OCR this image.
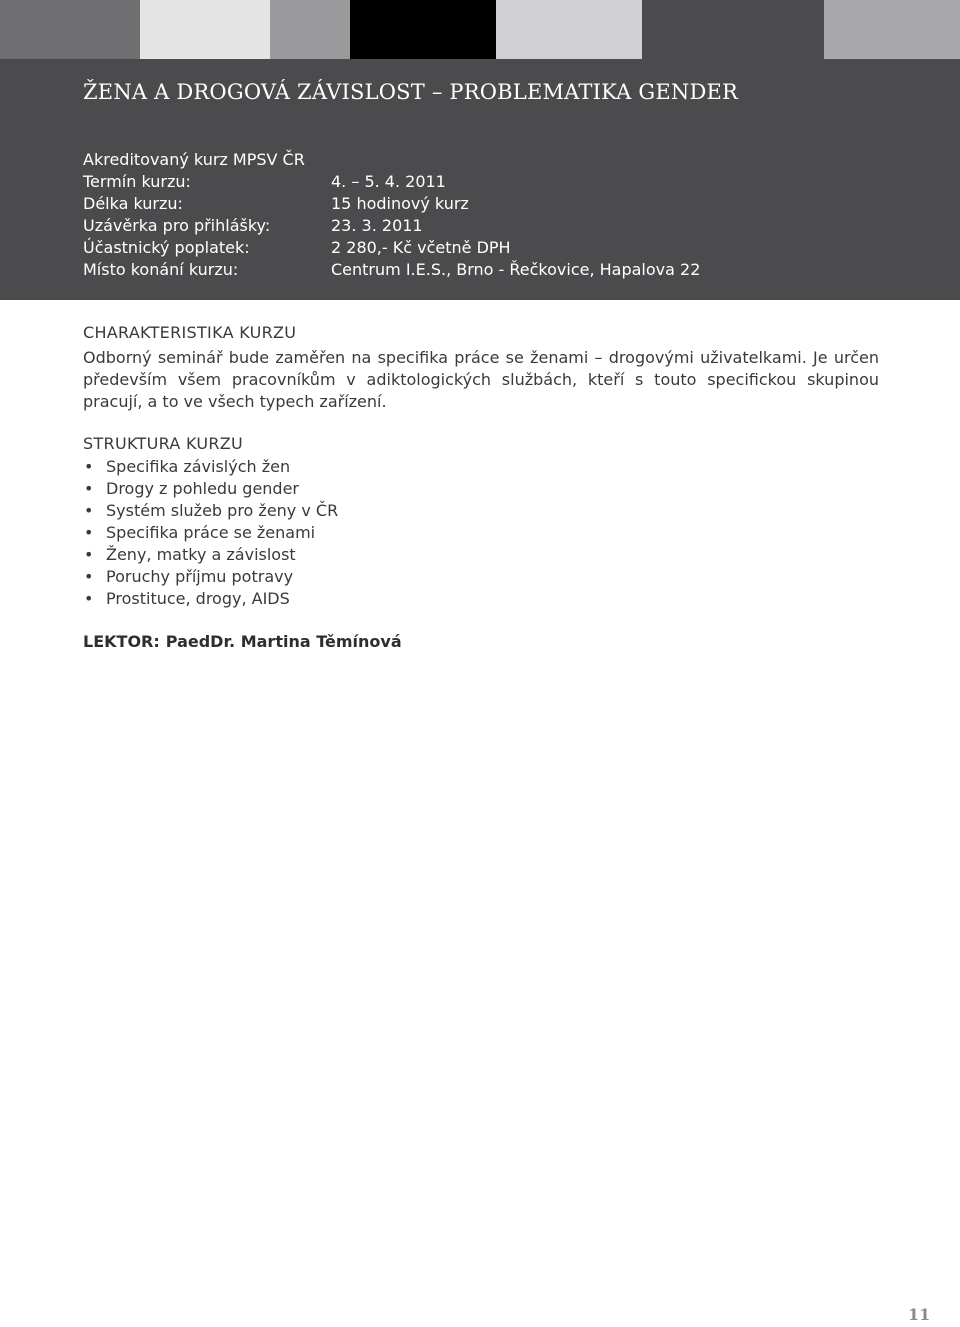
ŽENA A DROGOVÁ ZÁVISLOST – PROBLEMATIKA GENDER
Akreditovaný kurz MPSV ČR
Termín kurzu:	4. – 5. 4. 2011
Délka kurzu:	15 hodinový kurz
Uzávěrka pro přihlášky:	23. 3. 2011
Účastnický poplatek:	2 280,- Kč včetně DPH
Místo konání kurzu:	Centrum I.E.S., Brno - Řečkovice, Hapalova 22
CHARAKTERISTIKA KURZU

Odborný seminář bude zaměřen na specifika práce se ženami – drogovými uživatelkami. Je určen především všem pracovníkům v adiktologických službách, kteří s touto specifickou skupinou pracují, a to ve všech typech zařízení.

STRUKTURA KURZU
• Specifika závislých žen
• Drogy z pohledu gender
• Systém služeb pro ženy v ČR
• Specifika práce se ženami
• Ženy, matky a závislost
• Poruchy příjmu potravy
• Prostituce, drogy, AIDS
LEKTOR: PaedDr. Martina Těmínová
11
